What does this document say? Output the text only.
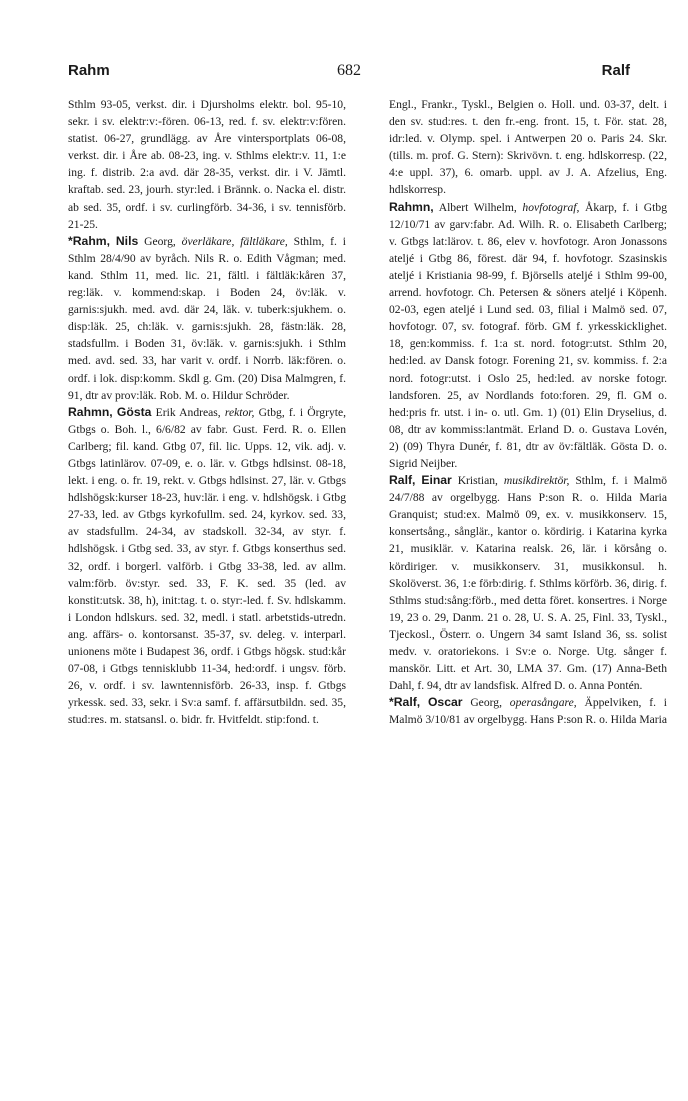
Rahm	682	Ralf

Sthlm 93-05, verkst. dir. i Djursholms elektr. bol. 95-10, sekr. i sv. elektr:v:-fören. 06-13, red. f. sv. elektr:v:fören. statist. 06-27, grundlägg. av Åre vintersportplats 06-08, verkst. dir. i Åre ab. 08-23, ing. v. Sthlms elektr:v. 11, 1:e ing. f. distrib. 2:a avd. där 28-35, verkst. dir. i V. Jämtl. kraftab. sed. 23, jourh. styr:led. i Brännk. o. Nacka el. distr. ab sed. 35, ordf. i sv. curlingförb. 34-36, i sv. tennisförb. 21-25.

*Rahm, Nils Georg, överläkare, fältläkare, Sthlm, f. i Sthlm 28/4/90 av byråch. Nils R. o. Edith Vågman; med. kand. Sthlm 11, med. lic. 21, fältl. i fältläk:kåren 37, reg:läk. v. kommend:skap. i Boden 24, öv:läk. v. garnis:sjukh. med. avd. där 24, läk. v. tuberk:sjukhem. o. disp:läk. 25, ch:läk. v. garnis:sjukh. 28, fästn:läk. 28, stadsfullm. i Boden 31, öv:läk. v. garnis:sjukh. i Sthlm med. avd. sed. 33, har varit v. ordf. i Norrb. läk:fören. o. ordf. i lok. disp:komm. Skdl g. Gm. (20) Disa Malmgren, f. 91, dtr av prov:läk. Rob. M. o. Hildur Schröder.

Rahmn, Gösta Erik Andreas, rektor, Gtbg, f. i Örgryte, Gtbgs o. Boh. l., 6/6/82 av fabr. Gust. Ferd. R. o. Ellen Carlberg; fil. kand. Gtbg 07, fil. lic. Upps. 12, vik. adj. v. Gtbgs latinlärov. 07-09, e. o. lär. v. Gtbgs hdlsinst. 08-18, lekt. i eng. o. fr. 19, rekt. v. Gtbgs hdlsinst. 27, lär. v. Gtbgs hdlshögsk:kurser 18-23, huv:lär. i eng. v. hdlshögsk. i Gtbg 27-33, led. av Gtbgs kyrkofullm. sed. 24, kyrkov. sed. 33, av stadsfullm. 24-34, av stadskoll. 32-34, av styr. f. hdlshögsk. i Gtbg sed. 33, av styr. f. Gtbgs konserthus sed. 32, ordf. i borgerl. valförb. i Gtbg 33-38, led. av allm. valm:förb. öv:styr. sed. 33, F. K. sed. 35 (led. av konstit:utsk. 38, h), init:tag. t. o. styr:-led. f. Sv. hdlskamm. i London hdlskurs. sed. 32, medl. i statl. arbetstids-utredn. ang. affärs- o. kontorsanst. 35-37, sv. deleg. v. interparl. unionens möte i Budapest 36, ordf. i Gtbgs högsk. stud:kår 07-08, i Gtbgs tennisklubb 11-34, hed:ordf. i ungsv. förb. 26, v. ordf. i sv. lawntennisförb. 26-33, insp. f. Gtbgs yrkessk. sed. 33, sekr. i Sv:a samf. f. affärsutbildn. sed. 35, stud:res. m. statsansl. o. bidr. fr. Hvitfeldt. stip:fond. t.

Engl., Frankr., Tyskl., Belgien o. Holl. und. 03-37, delt. i den sv. stud:res. t. den fr.-eng. front. 15, t. För. stat. 28, idr:led. v. Olymp. spel. i Antwerpen 20 o. Paris 24. Skr. (tills. m. prof. G. Stern): Skrivövn. t. eng. hdlskorresp. (22, 4:e uppl. 37), 6. omarb. uppl. av J. A. Afzelius, Eng. hdlskorresp.

Rahmn, Albert Wilhelm, hovfotograf, Åkarp, f. i Gtbg 12/10/71 av garv:fabr. Ad. Wilh. R. o. Elisabeth Carlberg; v. Gtbgs lat:lärov. t. 86, elev v. hovfotogr. Aron Jonassons ateljé i Gtbg 86, förest. där 94, f. hovfotogr. Szasinskis ateljé i Kristiania 98-99, f. Björsells ateljé i Sthlm 99-00, arrend. hovfotogr. Ch. Petersen & söners ateljé i Köpenh. 02-03, egen ateljé i Lund sed. 03, filial i Malmö sed. 07, hovfotogr. 07, sv. fotograf. förb. GM f. yrkesskicklighet. 18, gen:kommiss. f. 1:a st. nord. fotogr:utst. Sthlm 20, hed:led. av Dansk fotogr. Forening 21, sv. kommiss. f. 2:a nord. fotogr:utst. i Oslo 25, hed:led. av norske fotogr. landsforen. 25, av Nordlands foto:foren. 29, fl. GM o. hed:pris fr. utst. i in- o. utl. Gm. 1) (01) Elin Dryselius, d. 08, dtr av kommiss:lantmät. Erland D. o. Gustava Lovén, 2) (09) Thyra Dunér, f. 81, dtr av öv:fältläk. Gösta D. o. Sigrid Neijber.

Ralf, Einar Kristian, musikdirektör, Sthlm, f. i Malmö 24/7/88 av orgelbygg. Hans P:son R. o. Hilda Maria Granquist; stud:ex. Malmö 09, ex. v. musikkonserv. 15, konsertsång., sånglär., kantor o. kördirig. i Katarina kyrka 21, musiklär. v. Katarina realsk. 26, lär. i körsång o. kördiriger. v. musikkonserv. 31, musikkonsul. h. Skolöverst. 36, 1:e förb:dirig. f. Sthlms körförb. 36, dirig. f. Sthlms stud:sång:förb., med detta föret. konsertres. i Norge 19, 23 o. 29, Danm. 21 o. 28, U. S. A. 25, Finl. 33, Tyskl., Tjeckosl., Österr. o. Ungern 34 samt Island 36, ss. solist medv. v. oratoriekons. i Sv:e o. Norge. Utg. sånger f. manskör. Litt. et Art. 30, LMA 37. Gm. (17) Anna-Beth Dahl, f. 94, dtr av landsfisk. Alfred D. o. Anna Pontén.

*Ralf, Oscar Georg, operasångare, Äppelviken, f. i Malmö 3/10/81 av orgelbygg. Hans P:son R. o. Hilda Maria
